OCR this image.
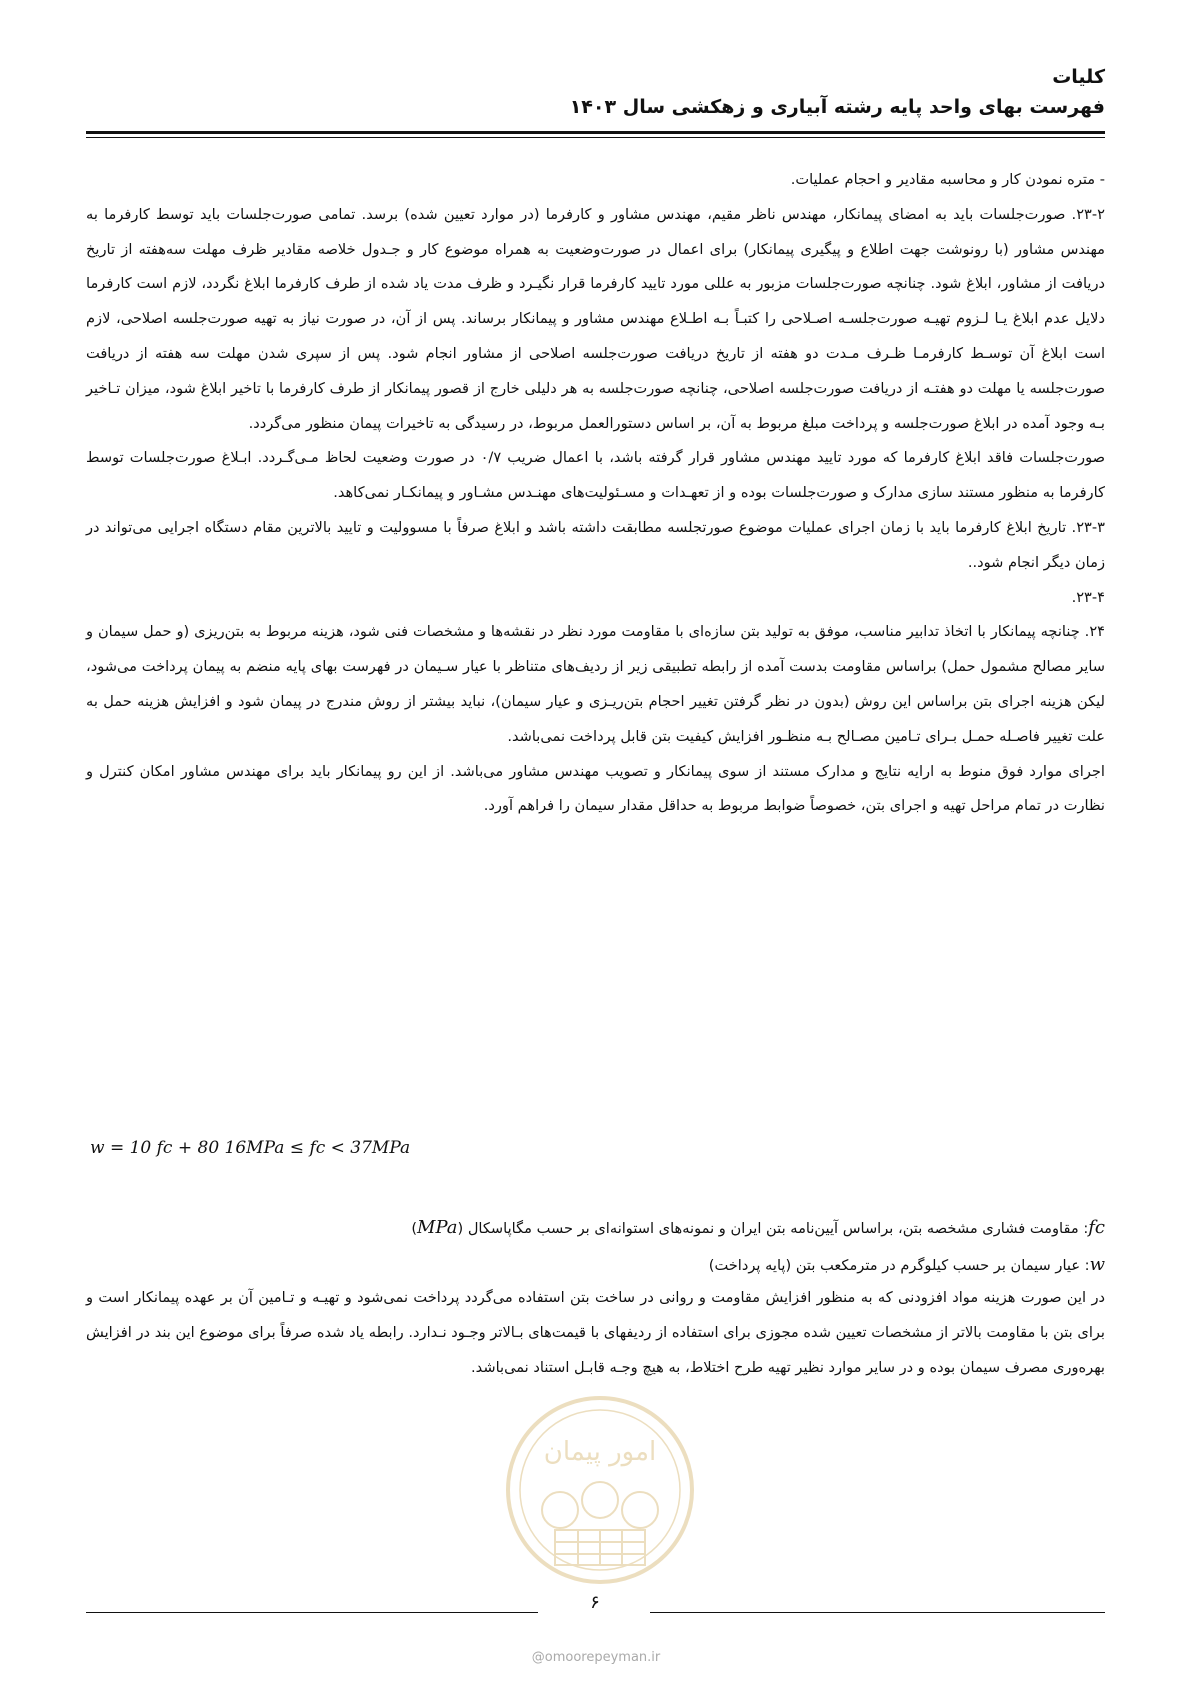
کلیات
فهرست بهای واحد پایه رشته آبیاری و زهکشی سال ۱۴۰۳

- متره نمودن کار و محاسبه مقادیر و احجام عملیات.

۲۳-۲. صورت‌جلسات باید به امضای پیمانکار، مهندس ناظر مقیم، مهندس مشاور و کارفرما (در موارد تعیین شده) برسد. تمامی صورت‌جلسات باید توسط کارفرما به مهندس مشاور (با رونوشت جهت اطلاع و پیگیری پیمانکار) برای اعمال در صورت‌وضعیت به همراه موضوع کار و جـدول خلاصه مقادیر ظرف مهلت سه‌هفته از تاریخ دریافت از مشاور، ابلاغ شود. چنانچه صورت‌جلسات مزبور به عللی مورد تایید کارفرما قرار نگیـرد و ظرف مدت یاد شده از طرف کارفرما ابلاغ نگردد، لازم است کارفرما دلایل عدم ابلاغ یـا لـزوم تهیـه صورت‌جلسـه اصـلاحی را کتبـاً بـه اطـلاع مهندس مشاور و پیمانکار برساند. پس از آن، در صورت نیاز به تهیه صورت‌جلسه اصلاحی، لازم است ابلاغ آن توسـط کارفرمـا ظـرف مـدت دو هفته از تاریخ دریافت صورت‌جلسه اصلاحی از مشاور انجام شود. پس از سپری شدن مهلت سه هفته از دریافت صورت‌جلسه یا مهلت دو هفتـه از دریافت صورت‌جلسه اصلاحی، چنانچه صورت‌جلسه به هر دلیلی خارج از قصور پیمانکار از طرف کارفرما با تاخیر ابلاغ شود، میزان تـاخیر بـه وجود آمده در ابلاغ صورت‌جلسه و پرداخت مبلغ مربوط به آن، بر اساس دستورالعمل مربوط، در رسیدگی به تاخیرات پیمان منظور می‌گردد.

صورت‌جلسات فاقد ابلاغ کارفرما که مورد تایید مهندس مشاور قرار گرفته باشد، با اعمال ضریب ۰/۷ در صورت وضعیت لحاظ مـی‌گـردد. ابـلاغ صورت‌جلسات توسط کارفرما به منظور مستند سازی مدارک و صورت‌جلسات بوده و از تعهـدات و مسـئولیت‌های مهنـدس مشـاور و پیمانکـار نمی‌کاهد.

۲۳-۳. تاریخ ابلاغ کارفرما باید با زمان اجرای عملیات موضوع صورتجلسه مطابقت داشته باشد و ابلاغ صرفاً با مسوولیت و تایید بالاترین مقام دستگاه اجرایی می‌تواند در زمان دیگر انجام شود..

۲۳-۴.

۲۴. چنانچه پیمانکار با اتخاذ تدابیر مناسب، موفق به تولید بتن سازه‌ای با مقاومت مورد نظر در نقشه‌ها و مشخصات فنی شود، هزینه مربوط به بتن‌ریزی (و حمل سیمان و سایر مصالح مشمول حمل) براساس مقاومت بدست آمده از رابطه تطبیقی زیر از ردیف‌های متناظر با عیار سـیمان در فهرست بهای پایه منضم به پیمان پرداخت می‌شود، لیکن هزینه اجرای بتن براساس این روش (بدون در نظر گرفتن تغییر احجام بتن‌ریـزی و عیار سیمان)، نباید بیشتر از روش مندرج در پیمان شود و افزایش هزینه حمل به علت تغییر فاصـله حمـل بـرای تـامین مصـالح بـه منظـور افزایش کیفیت بتن قابل پرداخت نمی‌باشد.

اجرای موارد فوق منوط به ارایه نتایج و مدارک مستند از سوی پیمانکار و تصویب مهندس مشاور می‌باشد. از این رو پیمانکار باید برای مهندس مشاور امکان کنترل و نظارت در تمام مراحل تهیه و اجرای بتن، خصوصاً ضوابط مربوط به حداقل مقدار سیمان را فراهم آورد.

w = 10 fc + 80 16MPa ≤ fc < 37MPa

fc: مقاومت فشاری مشخصه بتن، براساس آیین‌نامه بتن ایران و نمونه‌های استوانه‌ای بر حسب مگاپاسکال (MPa)

w: عیار سیمان بر حسب کیلوگرم در مترمکعب بتن (پایه پرداخت)

در این صورت هزینه مواد افزودنی که به منظور افزایش مقاومت و روانی در ساخت بتن استفاده می‌گردد پرداخت نمی‌شود و تهیـه و تـامین آن بر عهده پیمانکار است و برای بتن با مقاومت بالاتر از مشخصات تعیین شده مجوزی برای استفاده از ردیفهای با قیمت‌های بـالاتر وجـود نـدارد. رابطه یاد شده صرفاً برای موضوع این بند در افزایش بهره‌وری مصرف سیمان بوده و در سایر موارد نظیر تهیه طرح اختلاط، به هیچ وجـه قابـل استناد نمی‌باشد.

امور پیمان
۶
@omoorepeyman.ir
